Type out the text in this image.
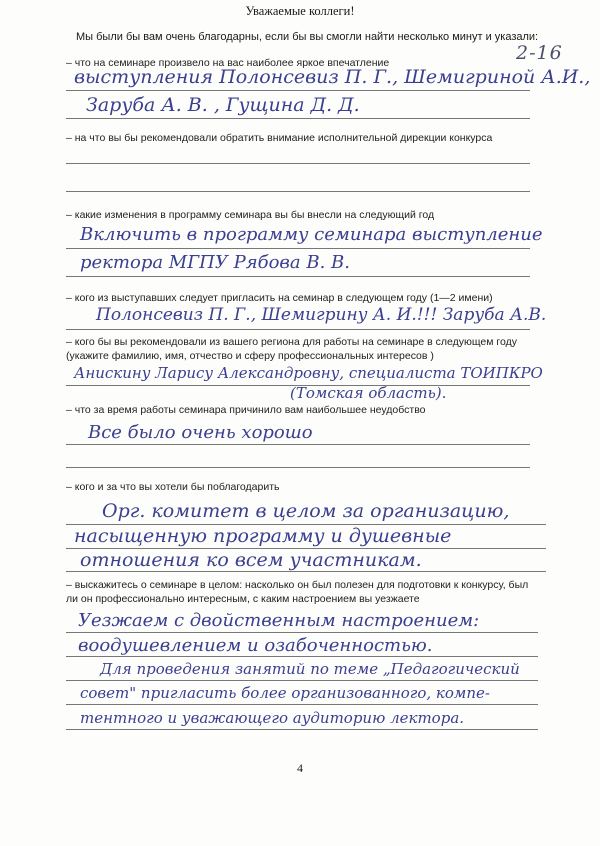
Уважаемые коллеги!
Мы были бы вам очень благодарны, если бы вы смогли найти несколько минут и указали:
2-16
– что на семинаре произвело на вас наиболее яркое впечатление
выступления Полонсевиз П. Г., Шемигриной А.И.,
Заруба А. В. , Гущина Д. Д.
– на что вы бы рекомендовали обратить внимание исполнительной дирекции конкурса
– какие изменения в программу семинара вы бы внесли на следующий год
Включить в программу семинара выступление
ректора МГПУ Рябова В. В.
– кого из выступавших следует пригласить на семинар в следующем году (1—2 имени)
Полонсевиз П. Г., Шемигрину А. И.!!! Заруба А.В.
– кого бы вы рекомендовали из вашего региона для работы на семинаре в следующем году
(укажите фамилию, имя, отчество и сферу профессиональных интересов )
Анискину Ларису Александровну, специалиста ТОИПКРО
(Томская область).
– что за время работы семинара причинило вам наибольшее неудобство
Все было очень хорошо
– кого и за что вы хотели бы поблагодарить
Орг. комитет в целом за организацию,
насыщенную программу и душевные
отношения ко всем участникам.
– выскажитесь о семинаре в целом: насколько он был полезен для подготовки к конкурсу, был
ли он профессионально интересным, с каким настроением вы уезжаете
Уезжаем с двойственным настроением:
воодушевлением и озабоченностью.
Для проведения занятий по теме „Педагогический
совет" пригласить более организованного, компе-
тентного и уважающего аудиторию лектора.
4
